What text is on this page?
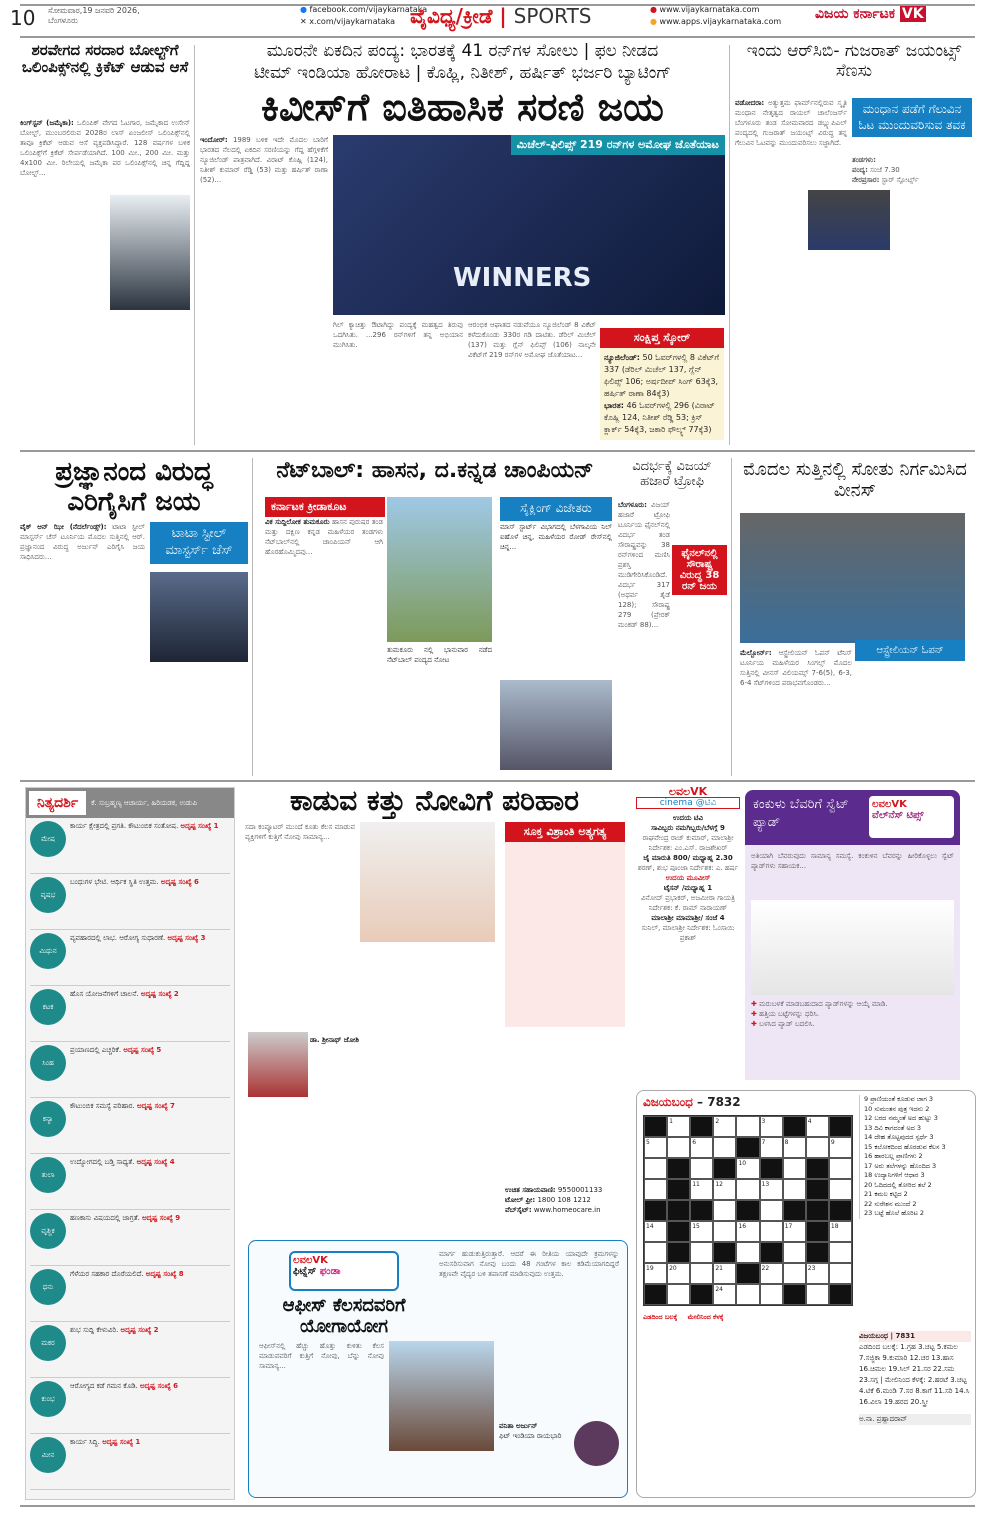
10 ಸೋಮವಾರ,19 ಜನವರಿ 2026,
ಬೆಂಗಳೂರು
● facebook.com/vijaykarnataka
✕ x.com/vijaykarnataka ವೈವಿಧ್ಯ/ಕ್ರೀಡೆ | SPORTS	● www.vijaykarnataka.com
● www.apps.vijaykarnataka.com ವಿಜಯ ಕರ್ನಾಟಕ VK
ಶರವೇಗದ ಸರದಾರ ಬೋಲ್ಟ್‌ಗೆ ಒಲಿಂಪಿಕ್ಸ್‌ನಲ್ಲಿ ಕ್ರಿಕೆಟ್ ಆಡುವ ಆಸೆ
ಕಿಂಗ್‌ಸ್ಟನ್ (ಜಮೈಕಾ): ಒಲಿಂಪಿಕ್ ವೇಗದ ಓಟಗಾರ, ಜಮೈಕಾದ ಉಸೇನ್ ಬೋಲ್ಟ್, ಮುಂಬರಲಿರುವ 2028ರ ಲಾಸ್ ಏಂಜಲೀಸ್ ಒಲಿಂಪಿಕ್ಸ್‌ನಲ್ಲಿ ತಾವೂ ಕ್ರಿಕೆಟ್ ಆಡುವ ಆಸೆ ವ್ಯಕ್ತಪಡಿಸಿದ್ದಾರೆ. 128 ವರ್ಷಗಳ ಬಳಿಕ ಒಲಿಂಪಿಕ್ಸ್‌ಗೆ ಕ್ರಿಕೆಟ್ ಸೇರ್ಪಡೆಯಾಗಿದೆ. 100 ಮೀ., 200 ಮೀ. ಮತ್ತು 4x100 ಮೀ. ರಿಲೇಯಲ್ಲಿ ಜಮೈಕಾ ಪರ ಒಲಿಂಪಿಕ್ಸ್‌ನಲ್ಲಿ ಚಿನ್ನ ಗೆದ್ದಿದ್ದ ಬೋಲ್ಟ್...
ಮೂರನೇ ಏಕದಿನ ಪಂದ್ಯ: ಭಾರತಕ್ಕೆ 41 ರನ್‌ಗಳ ಸೋಲು | ಫಲ ನೀಡದ
ಟೀಮ್ ಇಂಡಿಯಾ ಹೋರಾಟ | ಕೊಹ್ಲಿ, ನಿತೀಶ್, ಹರ್ಷಿತ್ ಭರ್ಜರಿ ಬ್ಯಾಟಿಂಗ್
ಕಿವೀಸ್‌ಗೆ ಐತಿಹಾಸಿಕ ಸರಣಿ ಜಯ
ಇಂದೋರ್: 1989 ಬಳಿಕ ಇದೇ ಮೊದಲ ಬಾರಿಗೆ ಭಾರತದ ನೆಲದಲ್ಲಿ ಏಕದಿನ ಸರಣಿಯನ್ನು ಗೆದ್ದ ಹೆಗ್ಗಳಿಕೆಗೆ ನ್ಯೂಜಿಲೆಂಡ್ ಪಾತ್ರವಾಗಿದೆ. ವಿರಾಟ್ ಕೊಹ್ಲಿ (124), ನಿತೀಶ್ ಕುಮಾರ್ ರೆಡ್ಡಿ (53) ಮತ್ತು ಹರ್ಷಿತ್ ರಾಣಾ (52)...
ಮಿಚೆಲ್-ಫಿಲಿಪ್ಸ್ 219 ರನ್‌ಗಳ ಅಮೋಘ ಜೊತೆಯಾಟ
WINNERS
ಗಿಲ್ ಕ್ಯಾಚಿತ್ತು ಔಟಾಗಿದ್ದು ಪಂದ್ಯಕ್ಕೆ ಮಹತ್ವದ ತಿರುವು ಒದಗಿಸಿತು. ...296 ರನ್‌ಗಳಿಗೆ ತನ್ನ ಅಭಿಯಾನ ಮುಗಿಸಿತು.
ಆರಂಭಿಕ ಆಘಾತದ ನಡುವೆಯೂ ನ್ಯೂಜಿಲೆಂಡ್ 8 ವಿಕೆಟ್ ಕಳೆದುಕೊಂಡು 330ರ ಗಡಿ ದಾಟಿತು. ಡೆರಿಲ್ ಮಿಚೆಲ್ (137) ಮತ್ತು ಗ್ಲೆನ್ ಫಿಲಿಪ್ಸ್ (106) ನಾಲ್ಕನೇ ವಿಕೆಟ್‌ಗೆ 219 ರನ್‌ಗಳ ಅಮೋಘ ಜೊತೆಯಾಟ...
ಸಂಕ್ಷಿಪ್ತ ಸ್ಕೋರ್
ನ್ಯೂಜಿಲೆಂಡ್: 50 ಓವರ್‌ಗಳಲ್ಲಿ 8 ವಿಕೆಟ್‌ಗೆ 337 (ಡೆರಿಲ್ ಮಿಚೆಲ್ 137, ಗ್ಲೆನ್ ಫಿಲಿಪ್ಸ್ 106; ಅರ್ಷದೀಪ್ ಸಿಂಗ್ 63ಕ್ಕೆ3, ಹರ್ಷಿತ್ ರಾಣಾ 84ಕ್ಕೆ3)
ಭಾರತ: 46 ಓವರ್‌ಗಳಲ್ಲಿ 296 (ವಿರಾಟ್ ಕೊಹ್ಲಿ 124, ನಿತೀಶ್ ರೆಡ್ಡಿ 53; ಕ್ರಿಸ್ ಕ್ಲಾರ್ಕ್ 54ಕ್ಕೆ3, ಜಕಾರಿ ಫೌಲ್ಕ್ಸ್ 77ಕ್ಕೆ3)
ಇಂದು ಆರ್‌ಸಿಬಿ- ಗುಜರಾತ್ ಜಯಂಟ್ಸ್ ಸೆಣಸು
ಮಂಧಾನ ಪಡೆಗೆ ಗೆಲುವಿನ ಓಟ ಮುಂದುವರಿಸುವ ತವಕ
ವಡೋದರಾ: ಅತ್ಯುತ್ತಮ ಫಾರ್ಮ್‌ನಲ್ಲಿರುವ ಸ್ಮೃತಿ ಮಂಧಾನ ನೇತೃತ್ವದ ರಾಯಲ್ ಚಾಲೆಂಜರ್ಸ್ ಬೆಂಗಳೂರು ತಂಡ ಸೋಮವಾರದ ಡಬ್ಲ್ಯುಪಿಎಲ್ ಪಂದ್ಯದಲ್ಲಿ ಗುಜರಾತ್ ಜಯಂಟ್ಸ್ ವಿರುದ್ಧ ತನ್ನ ಗೆಲುವಿನ ಓಟವನ್ನು ಮುಂದುವರಿಸಲು ಸಜ್ಜಾಗಿದೆ.
ತಂಡಗಳು:
ಪಂದ್ಯ: ಸಂಜೆ 7.30
ನೇರಪ್ರಸಾರ: ಸ್ಟಾರ್ ಸ್ಪೋರ್ಟ್ಸ್
ಪ್ರಜ್ಞಾನಂದ ವಿರುದ್ಧ ಎರಿಗೈಸಿಗೆ ಜಯ
ಟಾಟಾ ಸ್ಟೀಲ್ ಮಾಸ್ಟರ್ಸ್ ಚೆಸ್
ವೈಕ್ ಆನ್ ಝೀ (ನೆದರ್ಲೆಂಡ್ಸ್): ಟಾಟಾ ಸ್ಟೀಲ್ ಮಾಸ್ಟರ್ಸ್ ಚೆಸ್ ಟೂರ್ನಿಯ ಮೊದಲ ಸುತ್ತಿನಲ್ಲಿ ಆರ್. ಪ್ರಜ್ಞಾನಂದ ವಿರುದ್ಧ ಅರ್ಜುನ್ ಎರಿಗೈಸಿ ಜಯ ಸಾಧಿಸಿದರು...
ನೆಟ್‌ಬಾಲ್: ಹಾಸನ, ದ.ಕನ್ನಡ ಚಾಂಪಿಯನ್
ಕರ್ನಾಟಕ ಕ್ರೀಡಾಕೂಟ
ವಿಕ ಸುದ್ದಿಲೋಕ ತುಮಕೂರು ಹಾಸನ ಪುರುಷರ ತಂಡ ಮತ್ತು ದಕ್ಷಿಣ ಕನ್ನಡ ಮಹಿಳೆಯರ ತಂಡಗಳು ನೆಟ್‌ಬಾಲ್‌ನಲ್ಲಿ ಚಾಂಪಿಯನ್ ಆಗಿ ಹೊರಹೊಮ್ಮಿದವು...
ತುಮಕೂರು ನಲ್ಲಿ ಭಾನುವಾರ ನಡೆದ ನೆಟ್‌ಬಾಲ್ ಪಂದ್ಯದ ನೋಟ
ಸೈಕ್ಲಿಂಗ್ ವಿಜೇತರು
ಮಾಸ್ ಸ್ಟಾರ್ಟ್ ವಿಭಾಗದಲ್ಲಿ ಬೆಳಗಾವಿಯ ನಿಲ್ ಐಹೊಳೆ ಚಿನ್ನ, ಮಹಿಳೆಯರ ರೋಡ್ ರೇಸ್‌ನಲ್ಲಿ ಚಿನ್ನ...
ವಿದರ್ಭಕ್ಕೆ ವಿಜಯ್ ಹಜಾರೆ ಟ್ರೋಫಿ
ಫೈನಲ್‌ನಲ್ಲಿ ಸೌರಾಷ್ಟ್ರ ವಿರುದ್ಧ 38 ರನ್ ಜಯ
ಬೆಂಗಳೂರು: ವಿಜಯ್ ಹಜಾರೆ ಟ್ರೋಫಿ ಟೂರ್ನಿಯ ಫೈನಲ್‌ನಲ್ಲಿ ವಿದರ್ಭ ತಂಡ ಸೌರಾಷ್ಟ್ರವನ್ನು 38 ರನ್‌ಗಳಿಂದ ಮಣಿಸಿ ಪ್ರಶಸ್ತಿ ಮುಡಿಗೇರಿಸಿಕೊಂಡಿದೆ. ವಿದರ್ಭ 317 (ಅಥರ್ವ ತೈಡೆ 128); ಸೌರಾಷ್ಟ್ರ 279 (ಪ್ರೇರಕ್ ಮಂಕಡ್ 88)...
ಮೊದಲ ಸುತ್ತಿನಲ್ಲಿ ಸೋತು ನಿರ್ಗಮಿಸಿದ ವೀನಸ್
ಆಸ್ಟ್ರೇಲಿಯನ್ ಓಪನ್
ಮೆಲ್ಬೋರ್ನ್: ಆಸ್ಟ್ರೇಲಿಯನ್ ಓಪನ್ ಟೆನಿಸ್ ಟೂರ್ನಿಯ ಮಹಿಳೆಯರ ಸಿಂಗಲ್ಸ್ ಮೊದಲ ಸುತ್ತಿನಲ್ಲಿ ವೀನಸ್ ವಿಲಿಯಮ್ಸ್ 7-6(5), 6-3, 6-4 ಸೆಟ್‌ಗಳಿಂದ ಪರಾಭವಗೊಂಡರು...
ನಿತ್ಯದರ್ಶಿ	ಕೆ. ಸುಬ್ರಹ್ಮಣ್ಯ ಆಚಾರ್ಯ, ಹಿರಿಯಡಕ, ಉಡುಪಿ
ಮೇಷ
ಕಾರ್ಯ ಕ್ಷೇತ್ರದಲ್ಲಿ ಪ್ರಗತಿ. ಕೌಟುಂಬಿಕ ಸಂತೋಷ. ಅದೃಷ್ಟ ಸಂಖ್ಯೆ 1
ವೃಷಭ
ಬಂಧುಗಳ ಭೇಟಿ. ಆರ್ಥಿಕ ಸ್ಥಿತಿ ಉತ್ತಮ. ಅದೃಷ್ಟ ಸಂಖ್ಯೆ 6
ಮಿಥುನ
ವ್ಯವಹಾರದಲ್ಲಿ ಲಾಭ. ಆರೋಗ್ಯ ಸುಧಾರಣೆ. ಅದೃಷ್ಟ ಸಂಖ್ಯೆ 3
ಕಟಕ
ಹೊಸ ಯೋಜನೆಗಳಿಗೆ ಚಾಲನೆ. ಅದೃಷ್ಟ ಸಂಖ್ಯೆ 2
ಸಿಂಹ
ಪ್ರಯಾಣದಲ್ಲಿ ಎಚ್ಚರಿಕೆ. ಅದೃಷ್ಟ ಸಂಖ್ಯೆ 5
ಕನ್ಯಾ
ಕೌಟುಂಬಿಕ ಸಮಸ್ಯೆ ಪರಿಹಾರ. ಅದೃಷ್ಟ ಸಂಖ್ಯೆ 7
ತುಲಾ
ಉದ್ಯೋಗದಲ್ಲಿ ಬಡ್ತಿ ಸಾಧ್ಯತೆ. ಅದೃಷ್ಟ ಸಂಖ್ಯೆ 4
ವೃಶ್ಚಿಕ
ಹಣಕಾಸು ವಿಷಯದಲ್ಲಿ ಜಾಗ್ರತೆ. ಅದೃಷ್ಟ ಸಂಖ್ಯೆ 9
ಧನು
ಗೆಳೆಯರ ಸಹಕಾರ ದೊರೆಯಲಿದೆ. ಅದೃಷ್ಟ ಸಂಖ್ಯೆ 8
ಮಕರ
ಶುಭ ಸುದ್ದಿ ಕೇಳುವಿರಿ. ಅದೃಷ್ಟ ಸಂಖ್ಯೆ 2
ಕುಂಭ
ಆರೋಗ್ಯದ ಕಡೆ ಗಮನ ಕೊಡಿ. ಅದೃಷ್ಟ ಸಂಖ್ಯೆ 6
ಮೀನ
ಕಾರ್ಯ ಸಿದ್ಧಿ. ಅದೃಷ್ಟ ಸಂಖ್ಯೆ 1
ಕಾಡುವ ಕತ್ತು ನೋವಿಗೆ ಪರಿಹಾರ
ಸದಾ ಕಂಪ್ಯೂಟರ್ ಮುಂದೆ ಕೂತು ಕೆಲಸ ಮಾಡುವ ವ್ಯಕ್ತಿಗಳಿಗೆ ಕುತ್ತಿಗೆ ನೋವು ಸಾಮಾನ್ಯ...	ಸೂಕ್ತ ವಿಶ್ರಾಂತಿ ಅತ್ಯಗತ್ಯ
ಡಾ. ಶ್ರೀನಾಥ್ ಜೋಶಿ
ಉಚಿತ ಸಹಾಯವಾಣಿ: 9550001133
ಟೋಲ್ ಫ್ರೀ: 1800 108 1212
ವೆಬ್‌ಸೈಟ್: www.homeocare.in
ಲವಲVK
cinema @ಟಿವಿ
ಉದಯ ಟಿವಿ
ಸಾವಿಬ್ಬರು ನಮಗಿಬ್ಬರು/ಬೆಳಗ್ಗೆ 9
ರಾಘವೇಂದ್ರ ರಾಜ್ ಕುಮಾರ್, ಮಾಲಾಶ್ರೀ ನಿರ್ದೇಶಕ: ಎಂ.ಎಸ್. ರಾಜಶೇಖರ್
ಜೈ ಮಾರುತಿ 800/ ಮಧ್ಯಾಹ್ನ 2.30
ಶರಣ್, ಶುಭ ಪೂಂಜಾ ನಿರ್ದೇಶಕ: ಎ. ಹರ್ಷ
ಉದಯ ಮೂವೀಸ್
ಟೈಸನ್ /ಮಧ್ಯಾಹ್ನ 1
ವಿನೋದ್ ಪ್ರಭಾಕರ್, ಅಜಮೀರಾ ಗಾಯತ್ರಿ ನಿರ್ದೇಶಕ: ಕೆ. ರಾಮ್ ನಾರಾಯಣ್
ಮಾಲಾಶ್ರೀ ಮಾಮಾಶ್ರೀ/ ಸಂಜೆ 4
ಸುನಿಲ್, ಮಾಲಾಶ್ರೀ ನಿರ್ದೇಶಕ: ಓಂಸಾಯಿ ಪ್ರಕಾಶ್
ಕಂಕುಳು ಬೆವರಿಗೆ ಸ್ವೆಟ್ ಪ್ಯಾಡ್
ಲವಲVK
ವೆಲ್‌ನೆಸ್ ಟಿಪ್ಸ್
ಅತಿಯಾಗಿ ಬೆವರುವುದು ಸಾಮಾನ್ಯ ಸಮಸ್ಯೆ. ಕಂಕುಳಿನ ಬೆವರನ್ನು ಹೀರಿಕೊಳ್ಳಲು ಸ್ವೆಟ್ ಪ್ಯಾಡ್‌ಗಳು ಸಹಾಯಕ...
✚ ಮರುಬಳಕೆ ಮಾಡಬಹುದಾದ ಪ್ಯಾಡ್‌ಗಳನ್ನು ಆಯ್ಕೆ ಮಾಡಿ.
✚ ಹತ್ತಿಯ ಬಟ್ಟೆಗಳನ್ನು ಧರಿಸಿ.
✚ ಬಳಸಿದ ಪ್ಯಾಡ್ ಬದಲಿಸಿ.
ವಿಜಯಬಂಧ
– 7832
1	2	3	4
5	6	7	8	9
10
11	12	13
14	15	16	17	18
19	20	21	22	23
24
ಎಡದಿಂದ ಬಲಕ್ಕೆ ಮೇಲಿನಿಂದ ಕೆಳಕ್ಕೆ
9 ಪ್ರಾಣಿಯಂತೆ ಕೂಡುವ ಜಾಗ 3
10 ಸುಮಂತನ ಪುತ್ರ ಇದನು 2
12 ಬರದ ನಮ್ಮಂತೆ ಅದ ಹುಟ್ಟು 3
13 ದಿವಿ ಕಾಗದಂತೆ ಅದ 3
14 ದೇಹ ತೊಟ್ಟಪುದದ ಸ್ಪರ್ಧೆ 3
15 ಕಲೋಕದಿಂದ ಹೊರಡುವ ಕೆಲಸ 3
16 ಹಾರಬಲ್ಲ ಪ್ರಾಣಿಗಳು 2
17 ಅರು ತಲೆಗಳನ್ನು ಹೊಂದಿದ 3
18 ಉದ್ಯಾನಿಗಳಿಗೆ ಆಧಾರ 3
20 ಓದಿದದಲ್ಲಿ ತೋರಿದ ತಲೆ 2
21 ಕಮಲ ಕಟ್ಟಿದ 2
22 ಸುರೇಶನ ಮುಂದೆ 2
23 ಬಟ್ಟೆ ಹೊಲೆ ಹೊರಿಟ 2
ವಿಜಯಬಂಧ | 7831
ಎಡದಿಂದ ಬಲಕ್ಕೆ: 1.ಗ್ರಹ 3.ಚಟ್ಟ 5.ಕಮಲ 7.ಸಜ್ಜಿಕಾ 9.ಕುಮಾರಿ 12.ಚರ 13.ಹಾಸ 16.ಚಿಮಲ 19.ಸಿಲ್ 21.ಸರ 22.ಸಮ 23.ಸಗ್ಗ | ಮೇಲಿನಿಂದ ಕೆಳಕ್ಕೆ: 2.ಹರಟೆ 3.ಚಟ್ಟ 4.ಟಿಕೆ 6.ಮಂಡಿ 7.ಸರ 8.ಕಾಗೆ 11.ಸರಿ 14.ಸಿ 16.ವಿಲಾ 19.ಹರದ 20.ಸ್ತ್ರೀ
ಅ.ನಾ. ಪ್ರಹ್ಲಾದರಾವ್
ಲವಲVK
ಫಿಟ್ನೆಸ್ ಫಂಡಾ
ಆಫೀಸ್ ಕೆಲಸದವರಿಗೆ ಯೋಗಾಯೋಗ
ಆಫೀಸ್‌ನಲ್ಲಿ ಹೆಚ್ಚು ಹೊತ್ತು ಕುಳಿತು ಕೆಲಸ ಮಾಡುವವರಿಗೆ ಕುತ್ತಿಗೆ ನೋವು, ಬೆನ್ನು ನೋವು ಸಾಮಾನ್ಯ...
ಮಾರ್ಗ ಹುಡುಕುತ್ತಿರುತ್ತಾರೆ. ಆದರೆ ಈ ರೀತಿಯ ಯಾವುದೇ ಕ್ರಮಗಳನ್ನು ಅನುಸರಿಸುವಾಗ ನೋವು ಬಂದು 48 ಗಂಟೆಗಳ ಕಾಲ ಕಡಿಮೆಯಾಗದಿದ್ದರೆ ತಕ್ಷಣವೇ ವೈದ್ಯರ ಬಳಿ ತಪಾಸಣೆ ಮಾಡಿಸುವುದು ಉತ್ತಮ.
ವನಿತಾ ಅರ್ಜುನ್
ಫಿಟ್ ಇಂಡಿಯಾ ರಾಯಭಾರಿ
